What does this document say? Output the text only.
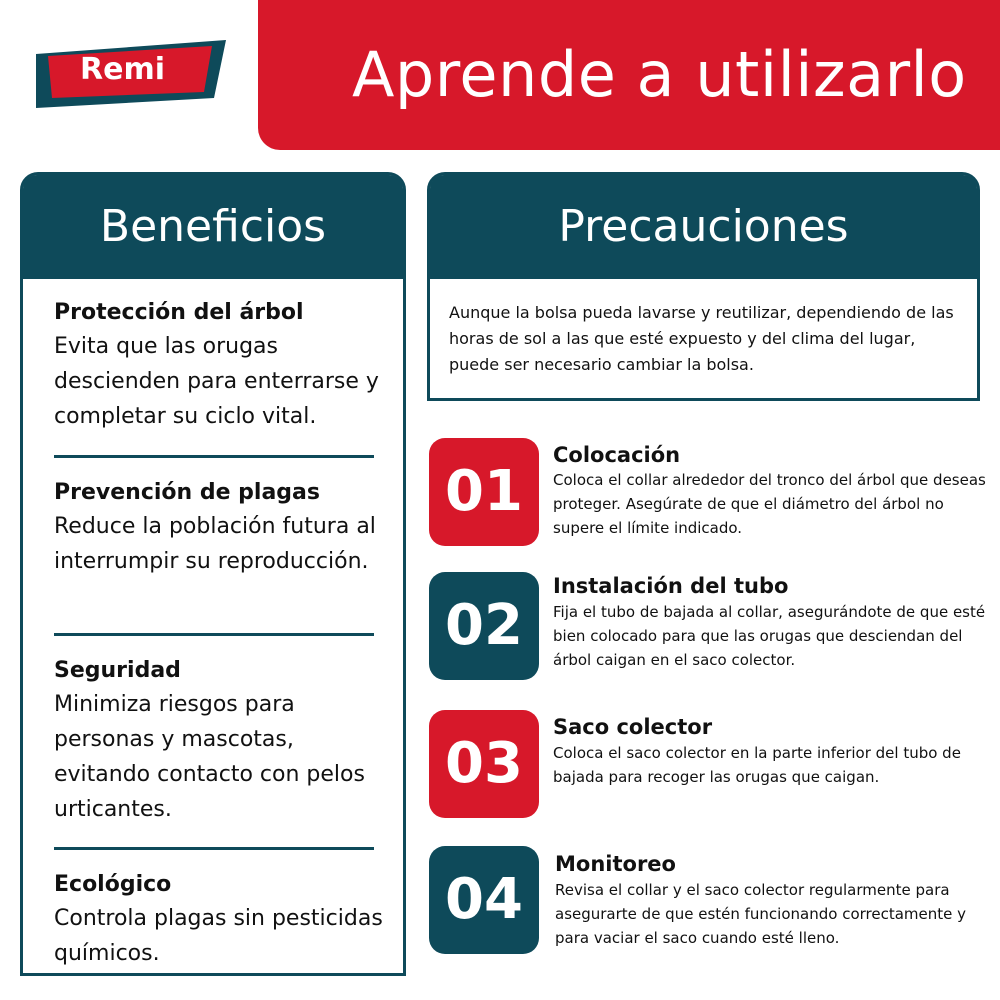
Aprende a utilizarlo
Remi
Beneficios
Protección del árbol
Evita que las orugas descienden para enterrarse y completar su ciclo vital.
Prevención de plagas
Reduce la población futura al interrumpir su reproducción.
Seguridad
Minimiza riesgos para personas y mascotas, evitando contacto con pelos urticantes.
Ecológico
Controla plagas sin pesticidas químicos.
Precauciones

Aunque la bolsa pueda lavarse y reutilizar, dependiendo de las horas de sol a las que esté expuesto y del clima del lugar, puede ser necesario cambiar la bolsa.

01
Colocación
Coloca el collar alrededor del tronco del árbol que deseas proteger. Asegúrate de que el diámetro del árbol no supere el límite indicado.
02
Instalación del tubo
Fija el tubo de bajada al collar, asegurándote de que esté bien colocado para que las orugas que desciendan del árbol caigan en el saco colector.
03
Saco colector
Coloca el saco colector en la parte inferior del tubo de bajada para recoger las orugas que caigan.
04
Monitoreo
Revisa el collar y el saco colector regularmente para asegurarte de que estén funcionando correctamente y para vaciar el saco cuando esté lleno.
